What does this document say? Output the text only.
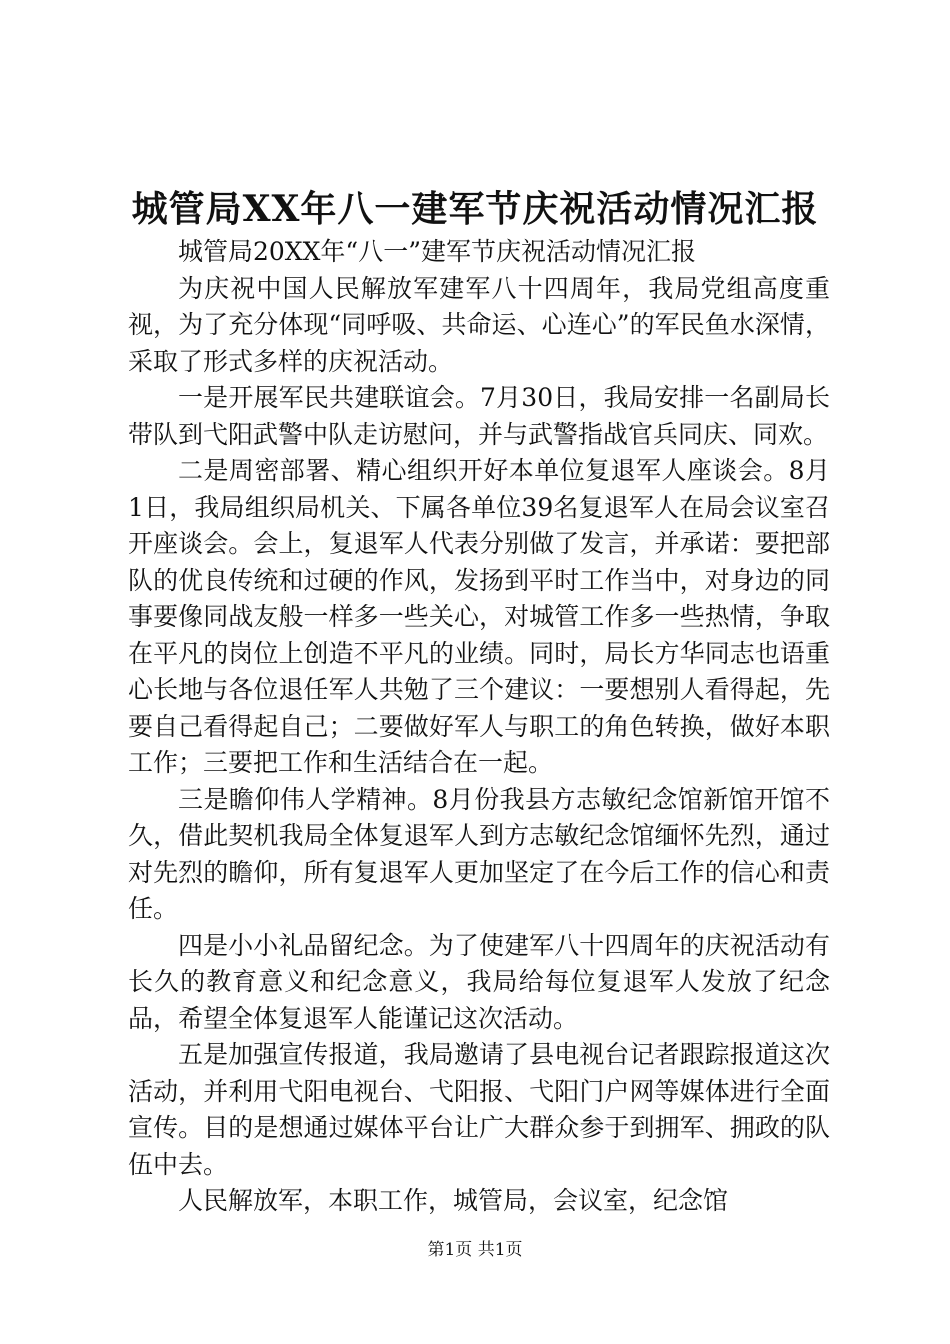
城管局XX年八一建军节庆祝活动情况汇报

城管局20XX年“八一”建军节庆祝活动情况汇报

为庆祝中国人民解放军建军八十四周年，我局党组高度重视，为了充分体现“同呼吸、共命运、心连心”的军民鱼水深情，采取了形式多样的庆祝活动。

一是开展军民共建联谊会。7月30日，我局安排一名副局长带队到弋阳武警中队走访慰问，并与武警指战官兵同庆、同欢。

二是周密部署、精心组织开好本单位复退军人座谈会。8月1日，我局组织局机关、下属各单位39名复退军人在局会议室召开座谈会。会上，复退军人代表分别做了发言，并承诺：要把部队的优良传统和过硬的作风，发扬到平时工作当中，对身边的同事要像同战友般一样多一些关心，对城管工作多一些热情，争取在平凡的岗位上创造不平凡的业绩。同时，局长方华同志也语重心长地与各位退任军人共勉了三个建议：一要想别人看得起，先要自己看得起自己；二要做好军人与职工的角色转换，做好本职工作；三要把工作和生活结合在一起。

三是瞻仰伟人学精神。8月份我县方志敏纪念馆新馆开馆不久，借此契机我局全体复退军人到方志敏纪念馆缅怀先烈，通过对先烈的瞻仰，所有复退军人更加坚定了在今后工作的信心和责任。

四是小小礼品留纪念。为了使建军八十四周年的庆祝活动有长久的教育意义和纪念意义，我局给每位复退军人发放了纪念品，希望全体复退军人能谨记这次活动。

五是加强宣传报道，我局邀请了县电视台记者跟踪报道这次活动，并利用弋阳电视台、弋阳报、弋阳门户网等媒体进行全面宣传。目的是想通过媒体平台让广大群众参于到拥军、拥政的队伍中去。

人民解放军，本职工作，城管局，会议室，纪念馆

第1页 共1页
